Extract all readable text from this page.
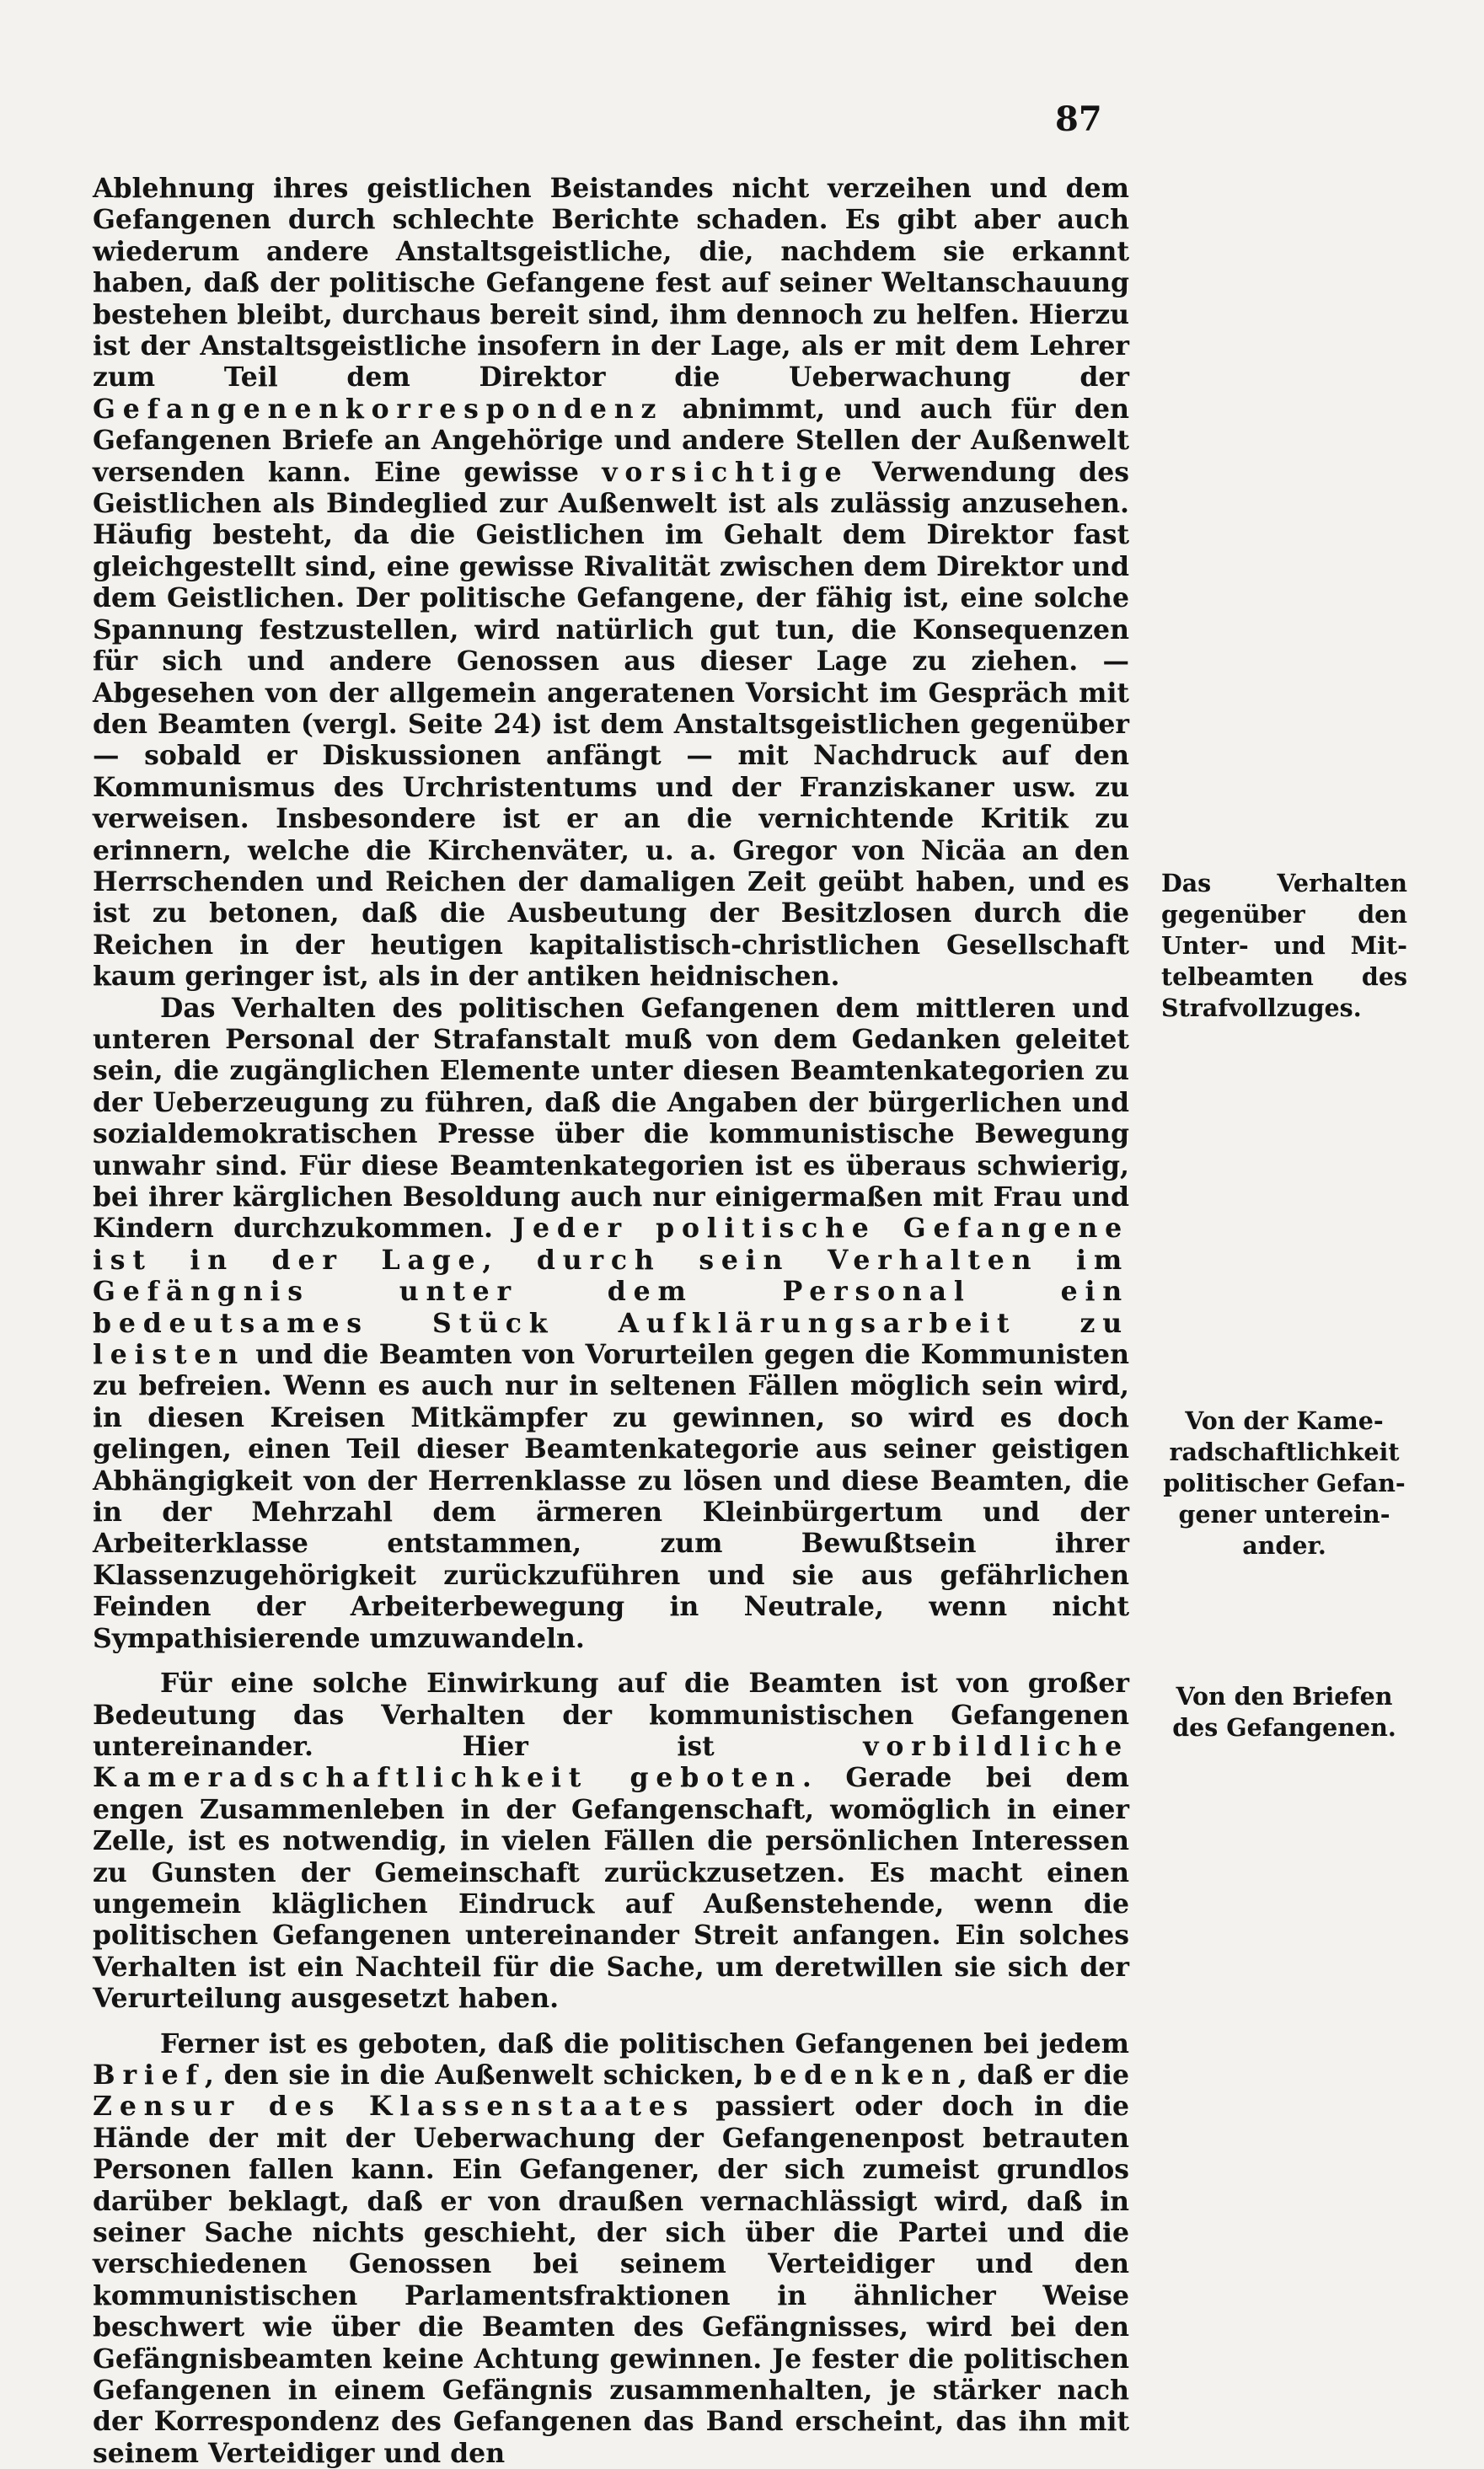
87

Ablehnung ihres geistlichen Beistandes nicht verzeihen und dem Gefangenen durch schlechte Berichte schaden. Es gibt aber auch wiederum andere Anstaltsgeistliche, die, nachdem sie erkannt haben, daß der politische Gefangene fest auf seiner Weltanschauung bestehen bleibt, durchaus bereit sind, ihm dennoch zu helfen. Hierzu ist der Anstaltsgeistliche insofern in der Lage, als er mit dem Lehrer zum Teil dem Direktor die Ueberwachung der Gefangenenkorrespondenz abnimmt, und auch für den Gefangenen Briefe an Angehörige und andere Stellen der Außenwelt versenden kann. Eine gewisse vorsichtige Verwendung des Geistlichen als Bindeglied zur Außenwelt ist als zulässig anzusehen. Häufig besteht, da die Geistlichen im Gehalt dem Direktor fast gleichgestellt sind, eine gewisse Rivalität zwischen dem Direktor und dem Geistlichen. Der politische Gefangene, der fähig ist, eine solche Spannung festzustellen, wird natürlich gut tun, die Konsequenzen für sich und andere Genossen aus dieser Lage zu ziehen. — Abgesehen von der allgemein angeratenen Vorsicht im Gespräch mit den Beamten (vergl. Seite 24) ist dem Anstaltsgeistlichen gegenüber — sobald er Diskussionen anfängt — mit Nachdruck auf den Kommunismus des Urchristentums und der Franziskaner usw. zu verweisen. Insbesondere ist er an die vernichtende Kritik zu erinnern, welche die Kirchenväter, u. a. Gregor von Nicäa an den Herrschenden und Reichen der damaligen Zeit geübt haben, und es ist zu betonen, daß die Ausbeutung der Besitzlosen durch die Reichen in der heutigen kapitalistisch-christlichen Gesellschaft kaum geringer ist, als in der antiken heidnischen.

Das Verhalten des politischen Gefangenen dem mittleren und unteren Personal der Strafanstalt muß von dem Gedanken geleitet sein, die zugänglichen Elemente unter diesen Beamtenkategorien zu der Ueberzeugung zu führen, daß die Angaben der bürgerlichen und sozialdemokratischen Presse über die kommunistische Bewegung unwahr sind. Für diese Beamtenkategorien ist es überaus schwierig, bei ihrer kärglichen Besoldung auch nur einigermaßen mit Frau und Kindern durchzukommen. Jeder politische Gefangene ist in der Lage, durch sein Verhalten im Gefängnis unter dem Personal ein bedeutsames Stück Aufklärungsarbeit zu leisten und die Beamten von Vorurteilen gegen die Kommunisten zu befreien. Wenn es auch nur in seltenen Fällen möglich sein wird, in diesen Kreisen Mitkämpfer zu gewinnen, so wird es doch gelingen, einen Teil dieser Beamtenkategorie aus seiner geistigen Abhängigkeit von der Herrenklasse zu lösen und diese Beamten, die in der Mehrzahl dem ärmeren Kleinbürgertum und der Arbeiterklasse entstammen, zum Bewußtsein ihrer Klassenzugehörigkeit zurückzuführen und sie aus gefährlichen Feinden der Arbeiterbewegung in Neutrale, wenn nicht Sympathisierende umzuwandeln.

Für eine solche Einwirkung auf die Beamten ist von großer Bedeutung das Verhalten der kommunistischen Gefangenen untereinander. Hier ist vorbildliche Kameradschaftlichkeit geboten. Gerade bei dem engen Zusammenleben in der Gefangenschaft, womöglich in einer Zelle, ist es notwendig, in vielen Fällen die persönlichen Interessen zu Gunsten der Gemeinschaft zurückzusetzen. Es macht einen ungemein kläglichen Eindruck auf Außenstehende, wenn die politischen Gefangenen untereinander Streit anfangen. Ein solches Verhalten ist ein Nachteil für die Sache, um deretwillen sie sich der Verurteilung ausgesetzt haben.

Ferner ist es geboten, daß die politischen Gefangenen bei jedem Brief, den sie in die Außenwelt schicken, bedenken, daß er die Zensur des Klassenstaates passiert oder doch in die Hände der mit der Ueberwachung der Gefangenenpost betrauten Personen fallen kann. Ein Gefangener, der sich zumeist grundlos darüber beklagt, daß er von draußen vernachlässigt wird, daß in seiner Sache nichts geschieht, der sich über die Partei und die verschiedenen Genossen bei seinem Verteidiger und den kommunistischen Parlamentsfraktionen in ähnlicher Weise beschwert wie über die Beamten des Gefängnisses, wird bei den Gefängnisbeamten keine Achtung gewinnen. Je fester die politischen Gefangenen in einem Gefängnis zusammenhalten, je stärker nach der Korrespondenz des Gefangenen das Band erscheint, das ihn mit seinem Verteidiger und den

Das Verhalten
gegenüber den
Unter- und Mit-
telbeamten des
Strafvollzuges.
Von der Kame-
radschaftlichkeit
politischer Gefan-
gener unterein-
ander.
Von den Briefen
des Gefangenen.
